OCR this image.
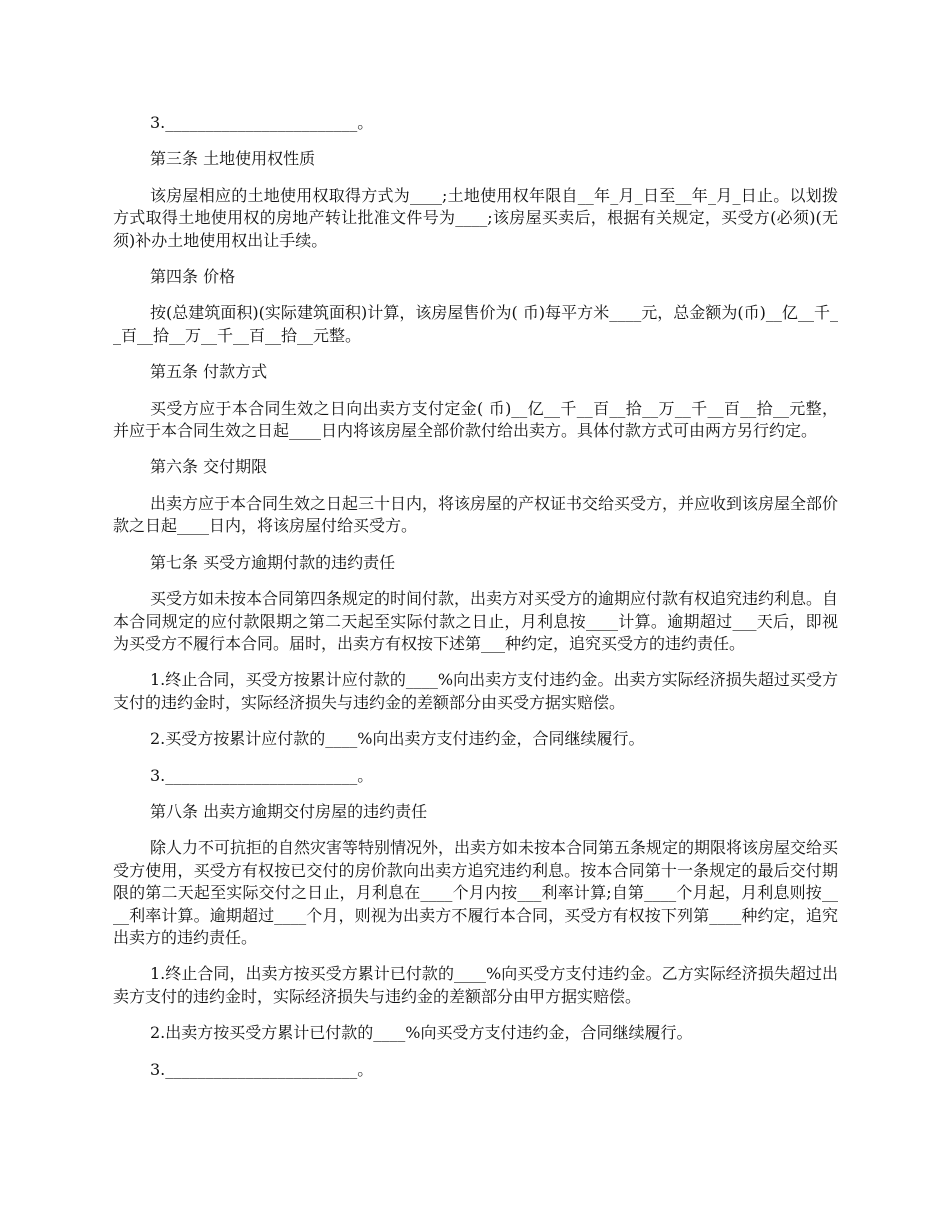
3.________________________。

第三条 土地使用权性质

该房屋相应的土地使用权取得方式为____;土地使用权年限自__年_月_日至__年_月_日止。以划拨方式取得土地使用权的房地产转让批准文件号为____;该房屋买卖后，根据有关规定，买受方(必须)(无须)补办土地使用权出让手续。

第四条 价格

按(总建筑面积)(实际建筑面积)计算，该房屋售价为( 币)每平方米____元，总金额为(币)__亿__千__百__拾__万__千__百__拾__元整。

第五条 付款方式

买受方应于本合同生效之日向出卖方支付定金( 币)__亿__千__百__拾__万__千__百__拾__元整，并应于本合同生效之日起____日内将该房屋全部价款付给出卖方。具体付款方式可由两方另行约定。

第六条 交付期限

出卖方应于本合同生效之日起三十日内，将该房屋的产权证书交给买受方，并应收到该房屋全部价款之日起____日内，将该房屋付给买受方。

第七条 买受方逾期付款的违约责任

买受方如未按本合同第四条规定的时间付款，出卖方对买受方的逾期应付款有权追究违约利息。自本合同规定的应付款限期之第二天起至实际付款之日止，月利息按____计算。逾期超过___天后，即视为买受方不履行本合同。届时，出卖方有权按下述第___种约定，追究买受方的违约责任。

1.终止合同，买受方按累计应付款的____%向出卖方支付违约金。出卖方实际经济损失超过买受方支付的违约金时，实际经济损失与违约金的差额部分由买受方据实赔偿。

2.买受方按累计应付款的____%向出卖方支付违约金，合同继续履行。

3.________________________。

第八条 出卖方逾期交付房屋的违约责任

除人力不可抗拒的自然灾害等特别情况外，出卖方如未按本合同第五条规定的期限将该房屋交给买受方使用，买受方有权按已交付的房价款向出卖方追究违约利息。按本合同第十一条规定的最后交付期限的第二天起至实际交付之日止，月利息在____个月内按___利率计算;自第____个月起，月利息则按____利率计算。逾期超过____个月，则视为出卖方不履行本合同，买受方有权按下列第____种约定，追究出卖方的违约责任。

1.终止合同，出卖方按买受方累计已付款的____%向买受方支付违约金。乙方实际经济损失超过出卖方支付的违约金时，实际经济损失与违约金的差额部分由甲方据实赔偿。

2.出卖方按买受方累计已付款的____%向买受方支付违约金，合同继续履行。

3.________________________。
